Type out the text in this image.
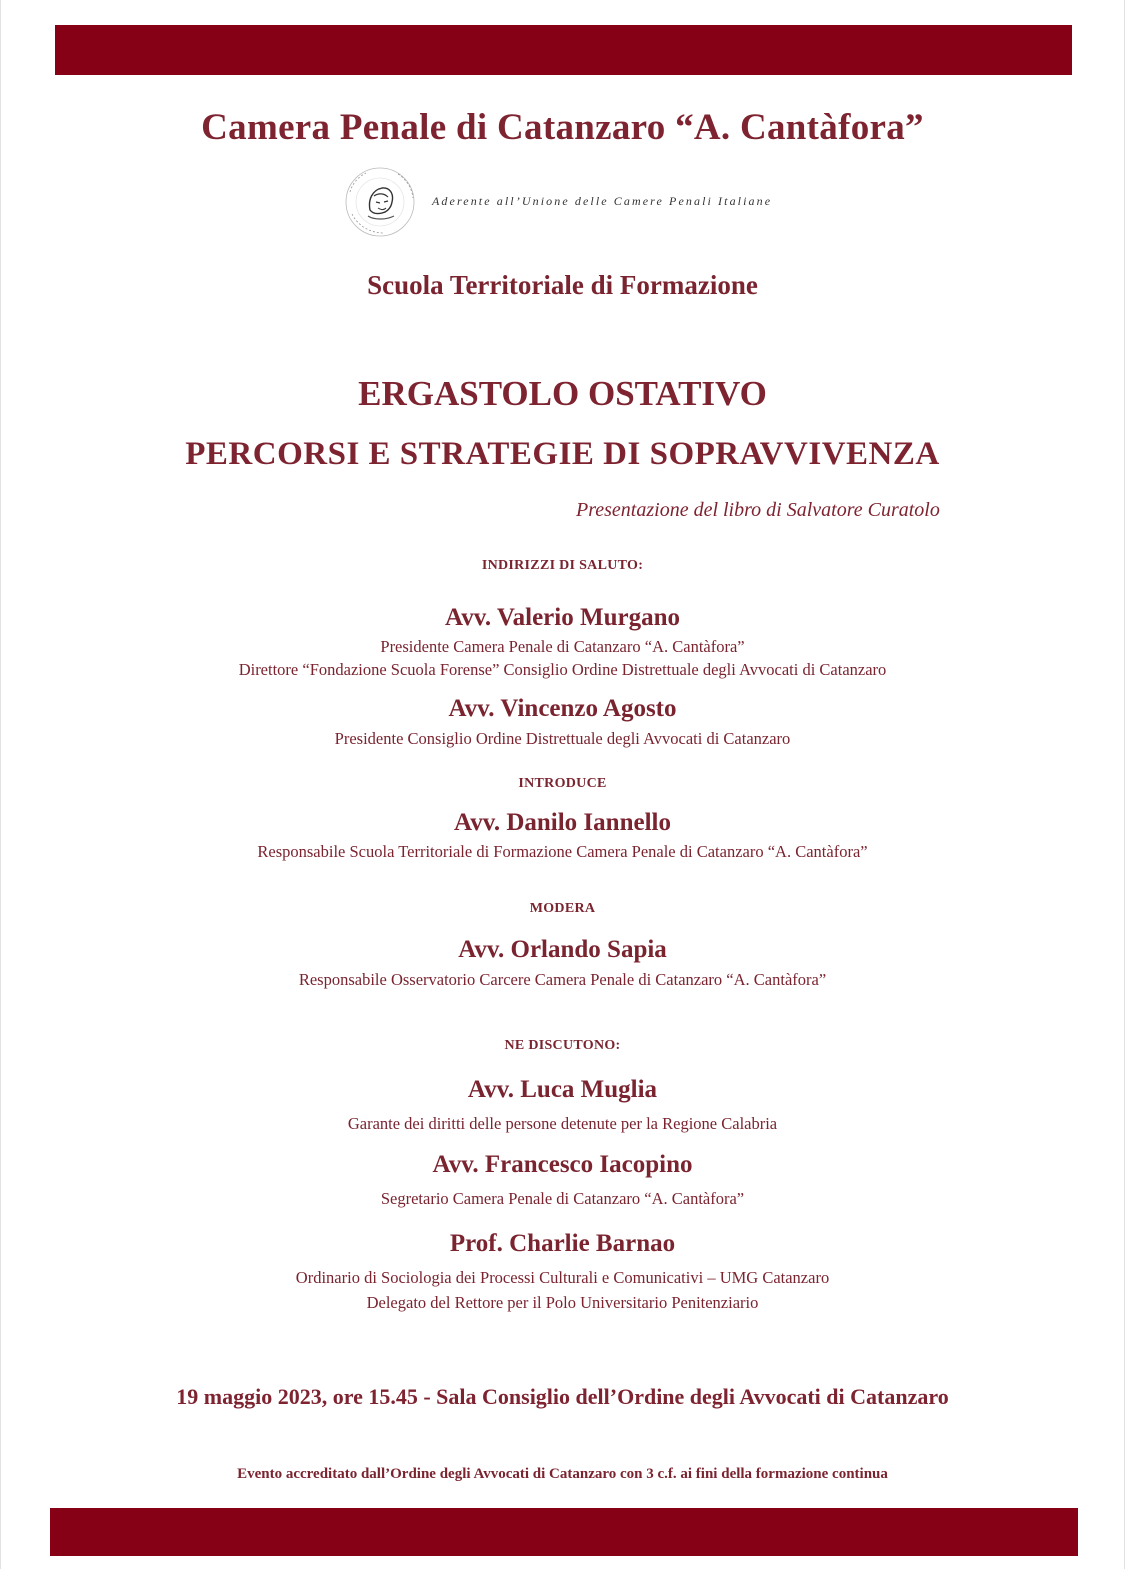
Camera Penale di Catanzaro “A. Cantàfora”
Aderente all’Unione delle Camere Penali Italiane
Scuola Territoriale di Formazione
ERGASTOLO OSTATIVO
PERCORSI E STRATEGIE DI SOPRAVVIVENZA
Presentazione del libro di Salvatore Curatolo
INDIRIZZI DI SALUTO:
Avv. Valerio Murgano
Presidente Camera Penale di Catanzaro “A. Cantàfora”
Direttore “Fondazione Scuola Forense” Consiglio Ordine Distrettuale degli Avvocati di Catanzaro
Avv. Vincenzo Agosto
Presidente Consiglio Ordine Distrettuale degli Avvocati di Catanzaro
INTRODUCE
Avv. Danilo Iannello
Responsabile Scuola Territoriale di Formazione Camera Penale di Catanzaro “A. Cantàfora”
MODERA
Avv. Orlando Sapia
Responsabile Osservatorio Carcere Camera Penale di Catanzaro “A. Cantàfora”
NE DISCUTONO:
Avv. Luca Muglia
Garante dei diritti delle persone detenute per la Regione Calabria
Avv. Francesco Iacopino
Segretario Camera Penale di Catanzaro “A. Cantàfora”
Prof. Charlie Barnao
Ordinario di Sociologia dei Processi Culturali e Comunicativi – UMG Catanzaro
Delegato del Rettore per il Polo Universitario Penitenziario
19 maggio 2023, ore 15.45 - Sala Consiglio dell’Ordine degli Avvocati di Catanzaro
Evento accreditato dall’Ordine degli Avvocati di Catanzaro con 3 c.f. ai fini della formazione continua
